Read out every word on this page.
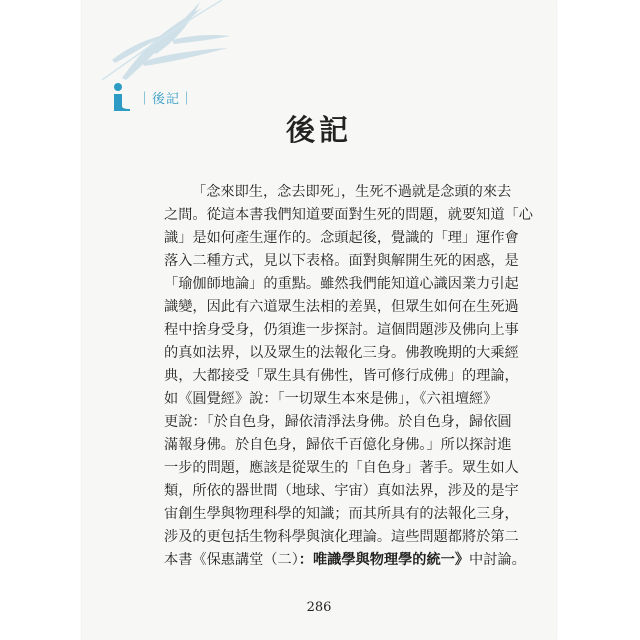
｜後記｜
後記
「念來即生，念去即死」，生死不過就是念頭的來去
之間。從這本書我們知道要面對生死的問題，就要知道「心
識」是如何產生運作的。念頭起後，覺識的「理」運作會
落入二種方式，見以下表格。面對與解開生死的困惑，是
「瑜伽師地論」的重點。雖然我們能知道心識因業力引起
識變，因此有六道眾生法相的差異，但眾生如何在生死過
程中捨身受身，仍須進一步探討。這個問題涉及佛向上事
的真如法界，以及眾生的法報化三身。佛教晚期的大乘經
典，大都接受「眾生具有佛性，皆可修行成佛」的理論，
如《圓覺經》說：「一切眾生本來是佛」，《六祖壇經》
更說：「於自色身，歸依清淨法身佛。於自色身，歸依圓
滿報身佛。於自色身，歸依千百億化身佛。」所以探討進
一步的問題，應該是從眾生的「自色身」著手。眾生如人
類，所依的器世間（地球、宇宙）真如法界，涉及的是宇
宙創生學與物理科學的知識；而其所具有的法報化三身，
涉及的更包括生物科學與演化理論。這些問題都將於第二
本書《保惠講堂（二）：唯識學與物理學的統一》中討論。
286
